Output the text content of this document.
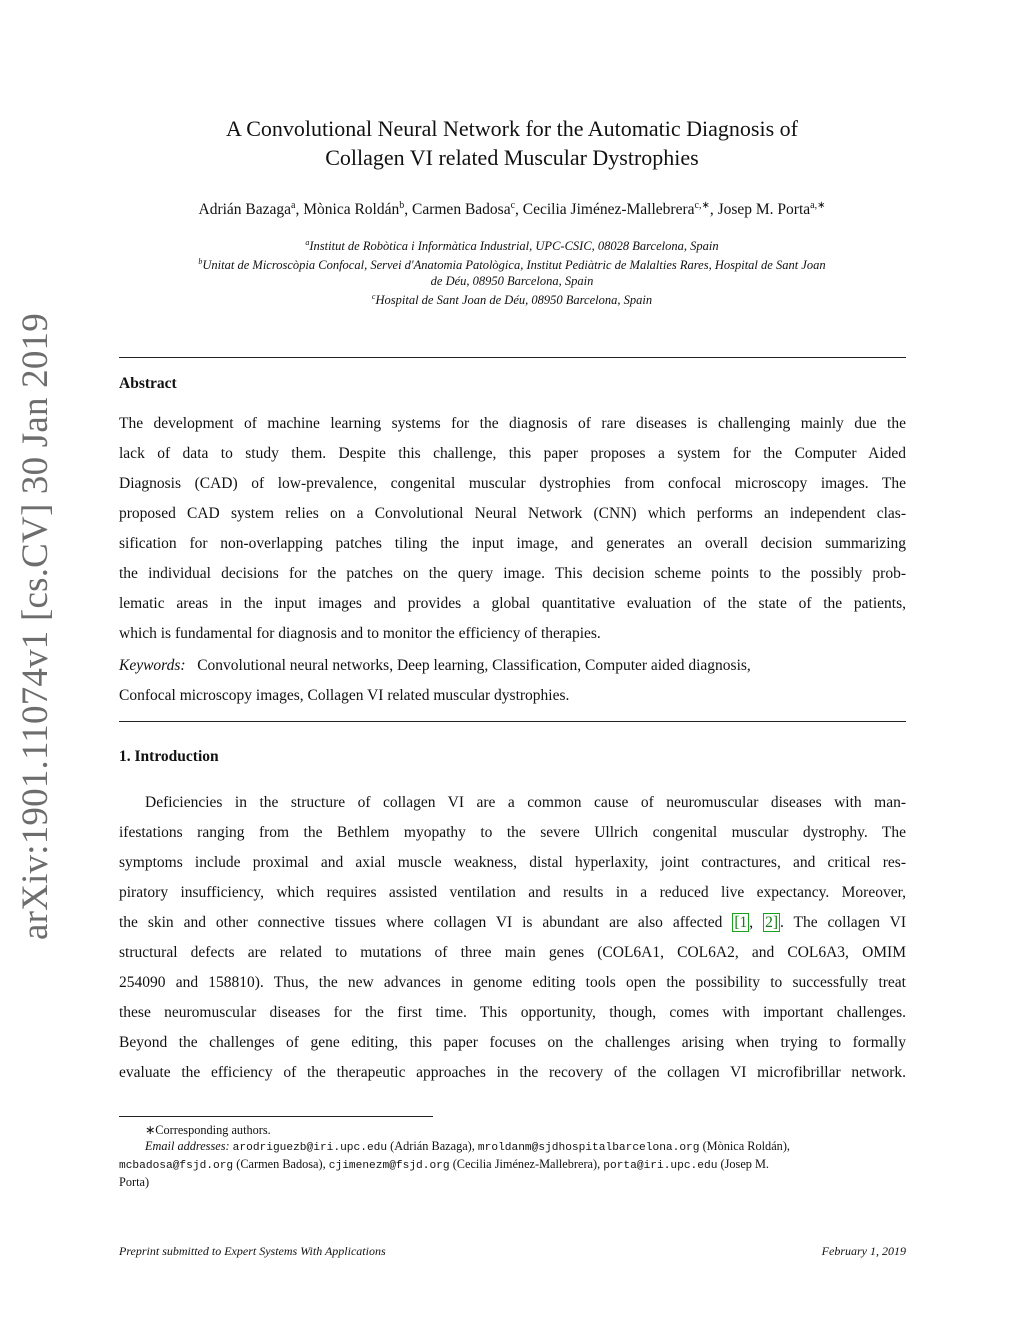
arXiv:1901.11074v1 [cs.CV] 30 Jan 2019
A Convolutional Neural Network for the Automatic Diagnosis of
Collagen VI related Muscular Dystrophies
Adrián Bazaga$^a$, Mònica Roldán$^b$, Carmen Badosa$^c$, Cecilia Jiménez-Mallebrera$^{c,∗}$, Josep M. Porta$^{a,∗}$
$^a$Institut de Robòtica i Informàtica Industrial, UPC-CSIC, 08028 Barcelona, Spain
$^b$Unitat de Microscòpia Confocal, Servei d'Anatomia Patològica, Institut Pediàtric de Malalties Rares, Hospital de Sant Joan
de Déu, 08950 Barcelona, Spain
$^c$Hospital de Sant Joan de Déu, 08950 Barcelona, Spain
Abstract
The development of machine learning systems for the diagnosis of rare diseases is challenging mainly due the
lack of data to study them. Despite this challenge, this paper proposes a system for the Computer Aided
Diagnosis (CAD) of low-prevalence, congenital muscular dystrophies from confocal microscopy images. The
proposed CAD system relies on a Convolutional Neural Network (CNN) which performs an independent clas-
sification for non-overlapping patches tiling the input image, and generates an overall decision summarizing
the individual decisions for the patches on the query image. This decision scheme points to the possibly prob-
lematic areas in the input images and provides a global quantitative evaluation of the state of the patients,
which is fundamental for diagnosis and to monitor the efficiency of therapies.
Keywords: Convolutional neural networks, Deep learning, Classification, Computer aided diagnosis,
Confocal microscopy images, Collagen VI related muscular dystrophies.
1. Introduction
Deficiencies in the structure of collagen VI are a common cause of neuromuscular diseases with man-
ifestations ranging from the Bethlem myopathy to the severe Ullrich congenital muscular dystrophy. The
symptoms include proximal and axial muscle weakness, distal hyperlaxity, joint contractures, and critical res-
piratory insufficiency, which requires assisted ventilation and results in a reduced live expectancy. Moreover,
the skin and other connective tissues where collagen VI is abundant are also affected [1 , 2] . The collagen VI
structural defects are related to mutations of three main genes (COL6A1, COL6A2, and COL6A3, OMIM
254090 and 158810). Thus, the new advances in genome editing tools open the possibility to successfully treat
these neuromuscular diseases for the first time. This opportunity, though, comes with important challenges.
Beyond the challenges of gene editing, this paper focuses on the challenges arising when trying to formally
evaluate the efficiency of the therapeutic approaches in the recovery of the collagen VI microfibrillar network.
∗Corresponding authors.
Email addresses: arodriguezb@iri.upc.edu (Adrián Bazaga), mroldanm@sjdhospitalbarcelona.org (Mònica Roldán),
mcbadosa@fsjd.org (Carmen Badosa), cjimenezm@fsjd.org (Cecilia Jiménez-Mallebrera), porta@iri.upc.edu (Josep M.
Porta)
Preprint submitted to Expert Systems With Applications	February 1, 2019
